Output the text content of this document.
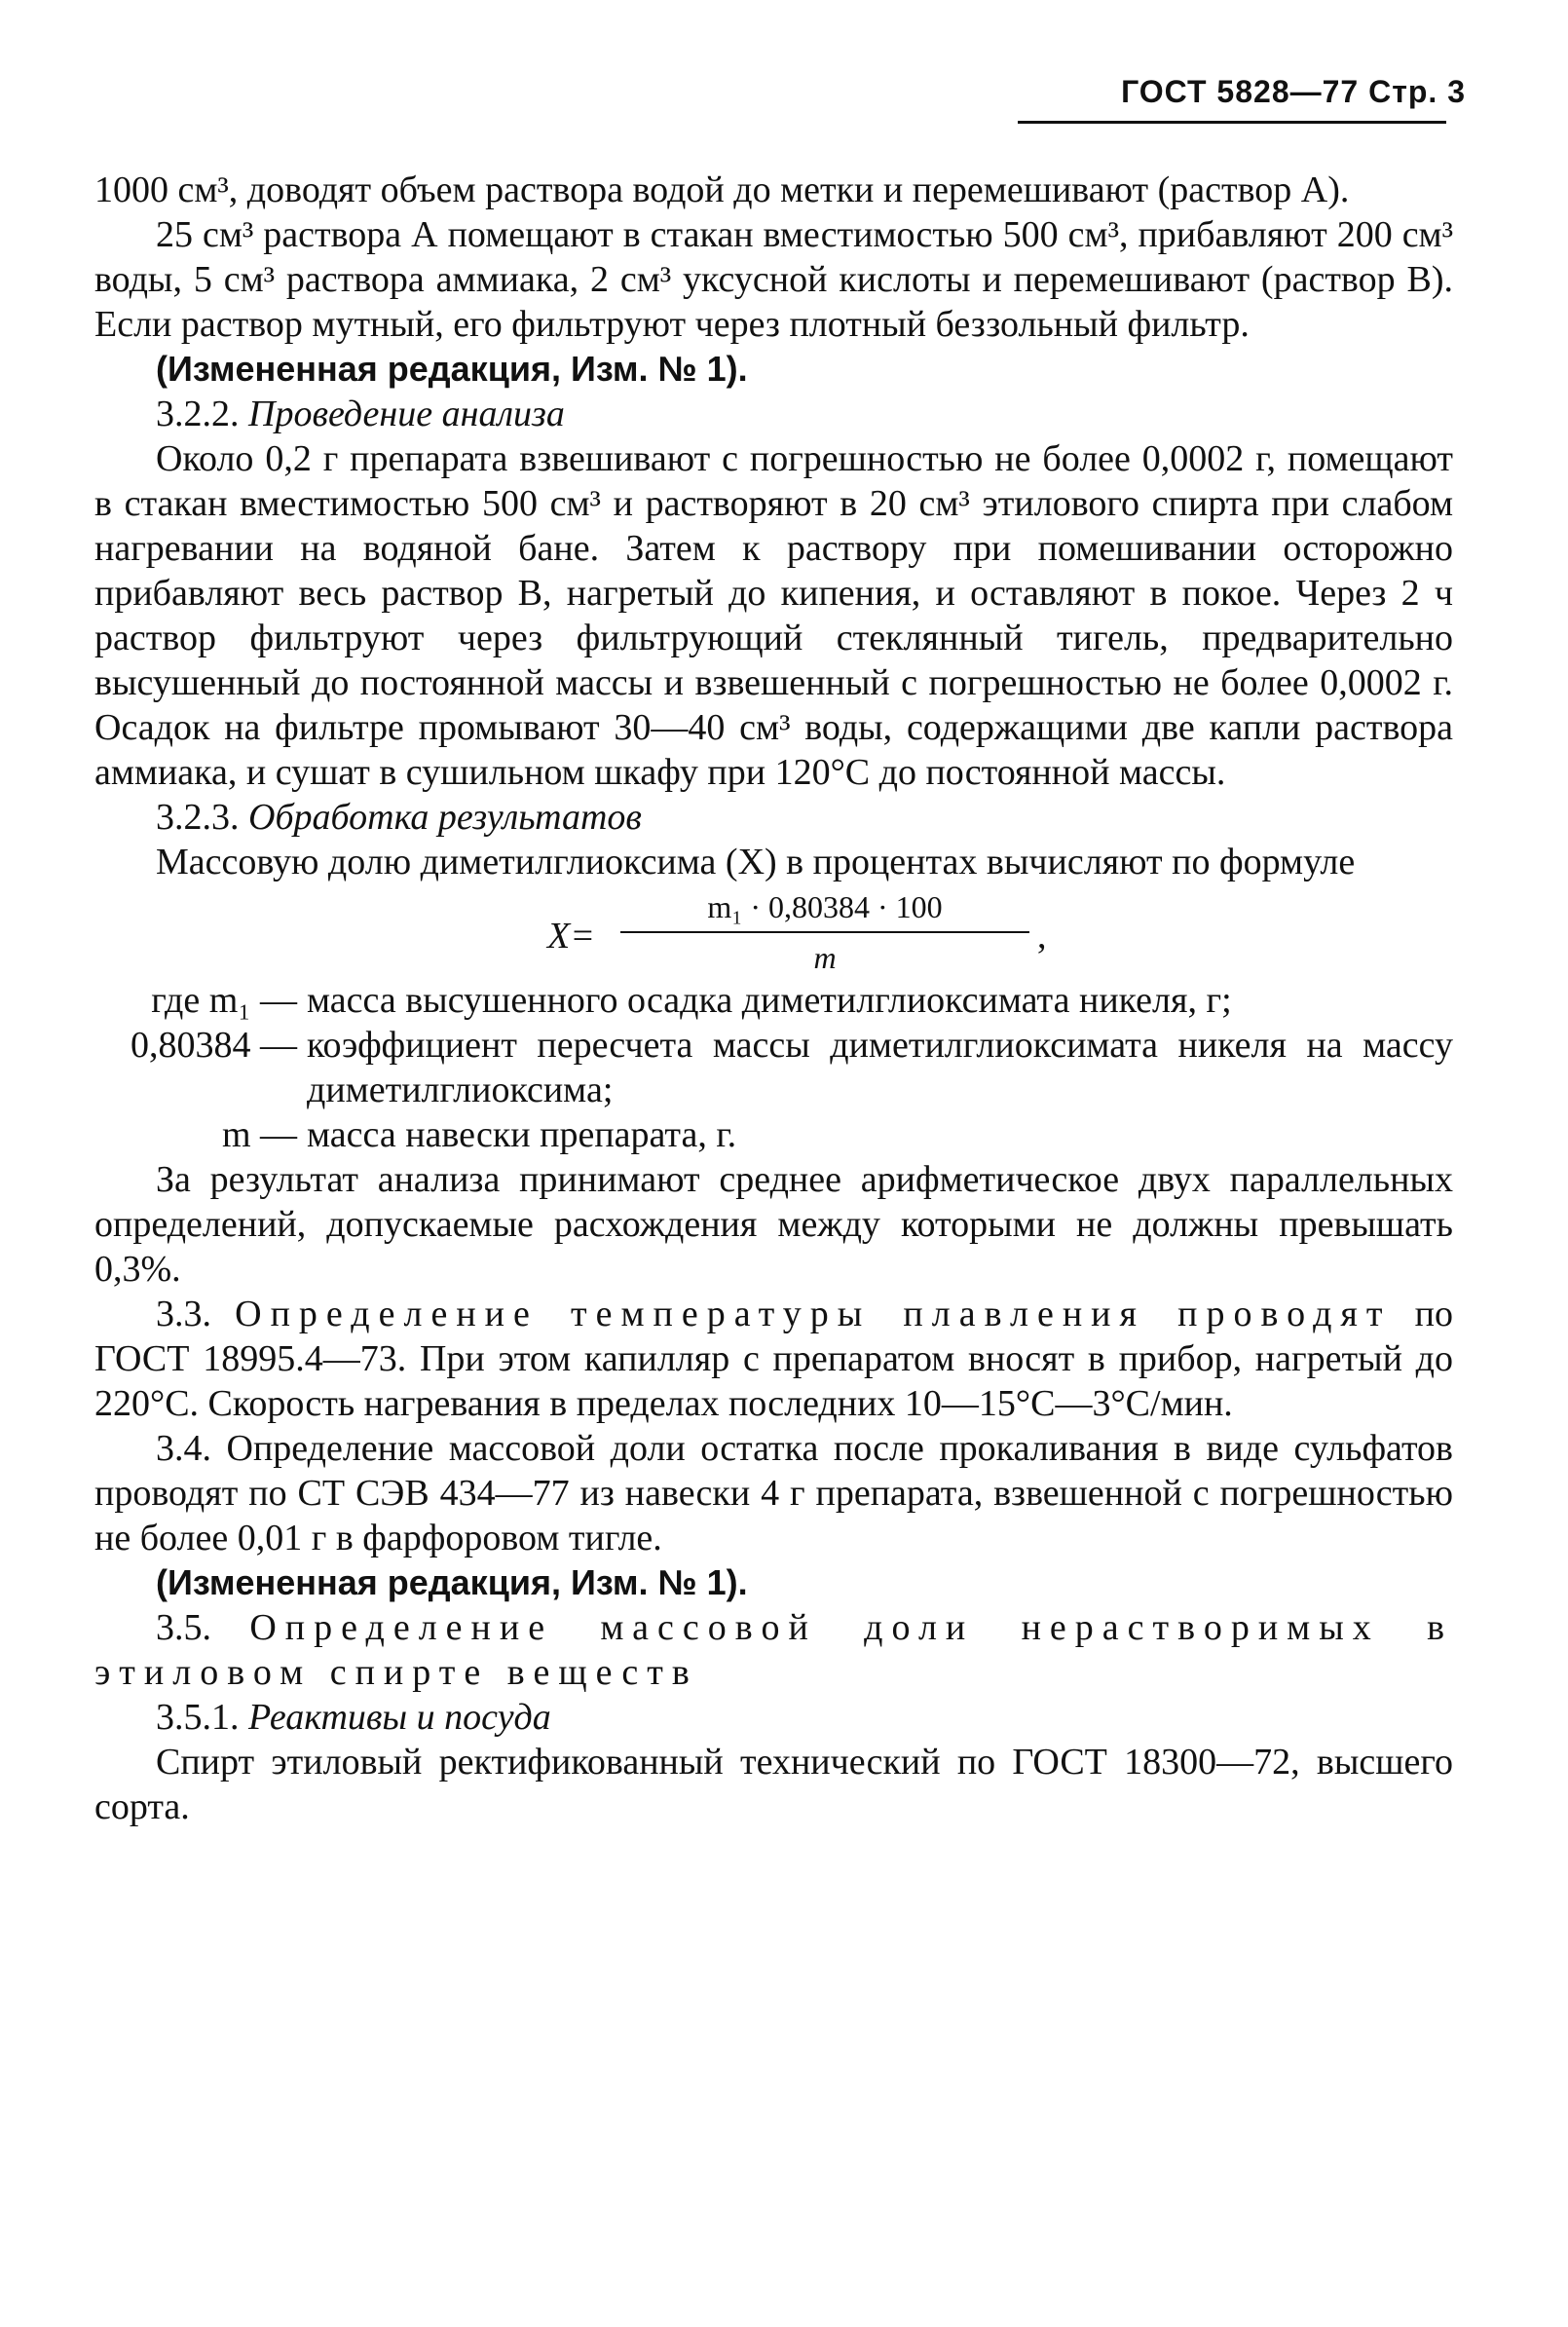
ГОСТ 5828—77 Стр. 3

1000 см³, доводят объем раствора водой до метки и перемешивают (раствор А).

25 см³ раствора А помещают в стакан вместимостью 500 см³, прибавляют 200 см³ воды, 5 см³ раствора аммиака, 2 см³ уксусной кислоты и перемешивают (раствор В). Если раствор мутный, его фильтруют через плотный беззольный фильтр.

(Измененная редакция, Изм. № 1).

3.2.2. Проведение анализа

Около 0,2 г препарата взвешивают с погрешностью не более 0,0002 г, помещают в стакан вместимостью 500 см³ и растворяют в 20 см³ этилового спирта при слабом нагревании на водяной бане. Затем к раствору при помешивании осторожно прибавляют весь раствор В, нагретый до кипения, и оставляют в покое. Через 2 ч раствор фильтруют через фильтрующий стеклянный тигель, предварительно высушенный до постоянной массы и взвешенный с погрешностью не более 0,0002 г. Осадок на фильтре промывают 30—40 см³ воды, содержащими две капли раствора аммиака, и сушат в сушильном шкафу при 120°С до постоянной массы.

3.2.3. Обработка результатов

Массовую долю диметилглиоксима (X) в процентах вычисляют по формуле

X=
m₁ · 0,80384 · 100
m
,
где m₁ — масса высушенного осадка диметилглиоксимата никеля, г;
0,80384 — коэффициент пересчета массы диметилглиоксимата никеля на массу диметилглиоксима;
m — масса навески препарата, г.

За результат анализа принимают среднее арифметическое двух параллельных определений, допускаемые расхождения между которыми не должны превышать 0,3%.

3.3. Определение температуры плавления проводят по ГОСТ 18995.4—73. При этом капилляр с препаратом вносят в прибор, нагретый до 220°С. Скорость нагревания в пределах последних 10—15°С—3°С/мин.

3.4. Определение массовой доли остатка после прокаливания в виде сульфатов проводят по СТ СЭВ 434—77 из навески 4 г препарата, взвешенной с погрешностью не более 0,01 г в фарфоровом тигле.

(Измененная редакция, Изм. № 1).

3.5. Определение массовой доли нерастворимых в этиловом спирте веществ

3.5.1. Реактивы и посуда

Спирт этиловый ректификованный технический по ГОСТ 18300—72, высшего сорта.
